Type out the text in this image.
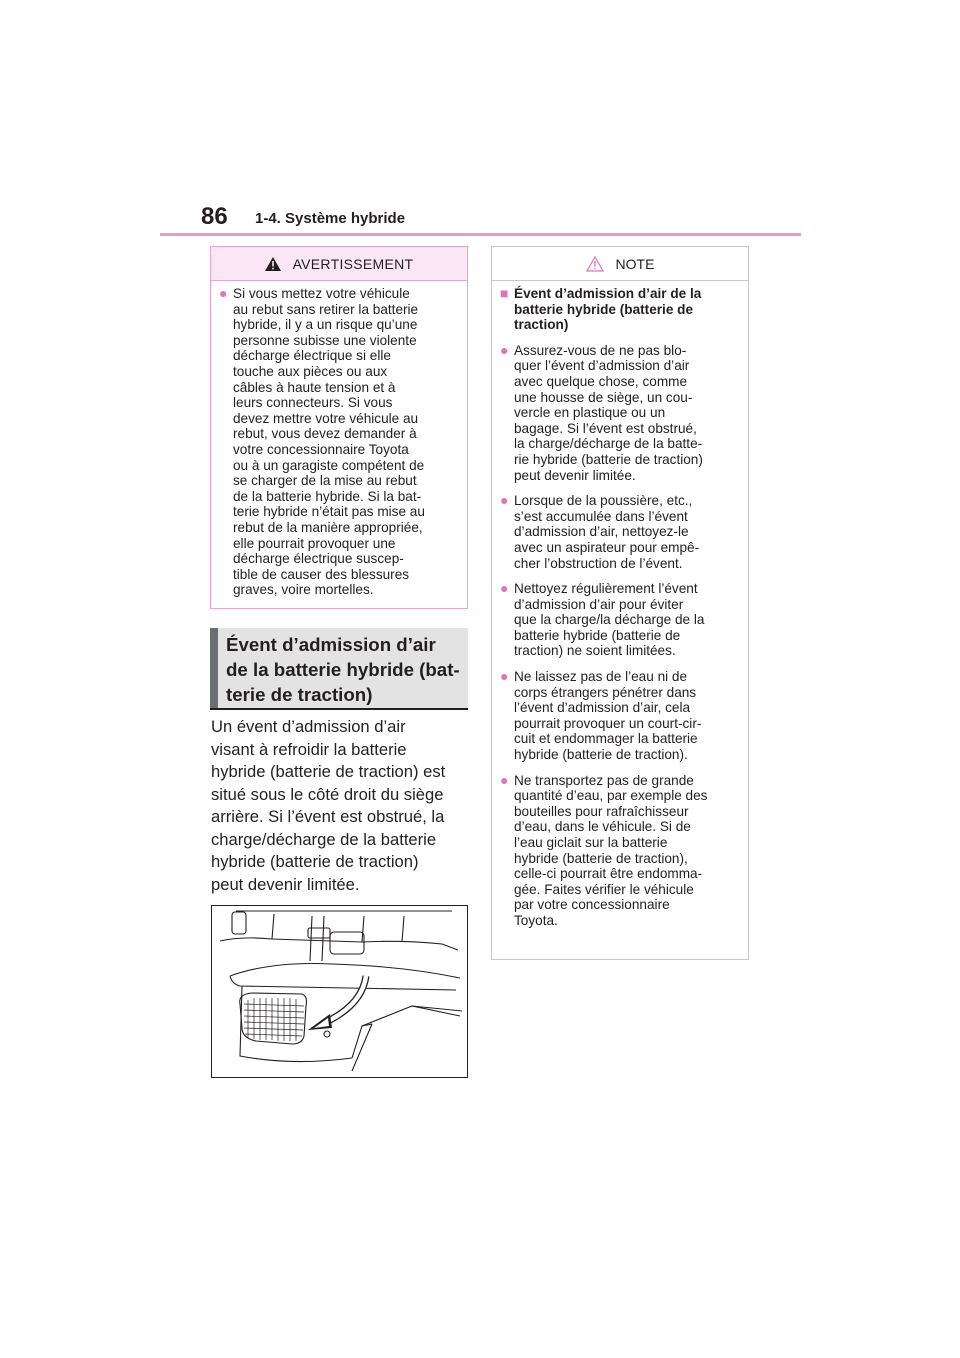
86 1-4. Système hybride
AVERTISSEMENT
● Si vous mettez votre véhicule
au rebut sans retirer la batterie
hybride, il y a un risque qu’une
personne subisse une violente
décharge électrique si elle
touche aux pièces ou aux
câbles à haute tension et à
leurs connecteurs. Si vous
devez mettre votre véhicule au
rebut, vous devez demander à
votre concessionnaire Toyota
ou à un garagiste compétent de
se charger de la mise au rebut
de la batterie hybride. Si la bat-
terie hybride n’était pas mise au
rebut de la manière appropriée,
elle pourrait provoquer une
décharge électrique suscep-
tible de causer des blessures
graves, voire mortelles.
Évent d’admission d’air
de la batterie hybride (bat-
terie de traction)
Un évent d’admission d’air
visant à refroidir la batterie
hybride (batterie de traction) est
situé sous le côté droit du siège
arrière. Si l’évent est obstrué, la
charge/décharge de la batterie
hybride (batterie de traction)
peut devenir limitée.
NOTE
■ Évent d’admission d’air de la
batterie hybride (batterie de
traction)
● Assurez-vous de ne pas blo-
quer l’évent d’admission d’air
avec quelque chose, comme
une housse de siège, un cou-
vercle en plastique ou un
bagage. Si l’évent est obstrué,
la charge/décharge de la batte-
rie hybride (batterie de traction)
peut devenir limitée.
● Lorsque de la poussière, etc.,
s’est accumulée dans l’évent
d’admission d’air, nettoyez-le
avec un aspirateur pour empê-
cher l’obstruction de l’évent.
● Nettoyez régulièrement l’évent
d’admission d’air pour éviter
que la charge/la décharge de la
batterie hybride (batterie de
traction) ne soient limitées.
● Ne laissez pas de l’eau ni de
corps étrangers pénétrer dans
l’évent d’admission d’air, cela
pourrait provoquer un court-cir-
cuit et endommager la batterie
hybride (batterie de traction).
● Ne transportez pas de grande
quantité d’eau, par exemple des
bouteilles pour rafraîchisseur
d’eau, dans le véhicule. Si de
l’eau giclait sur la batterie
hybride (batterie de traction),
celle-ci pourrait être endomma-
gée. Faites vérifier le véhicule
par votre concessionnaire
Toyota.
